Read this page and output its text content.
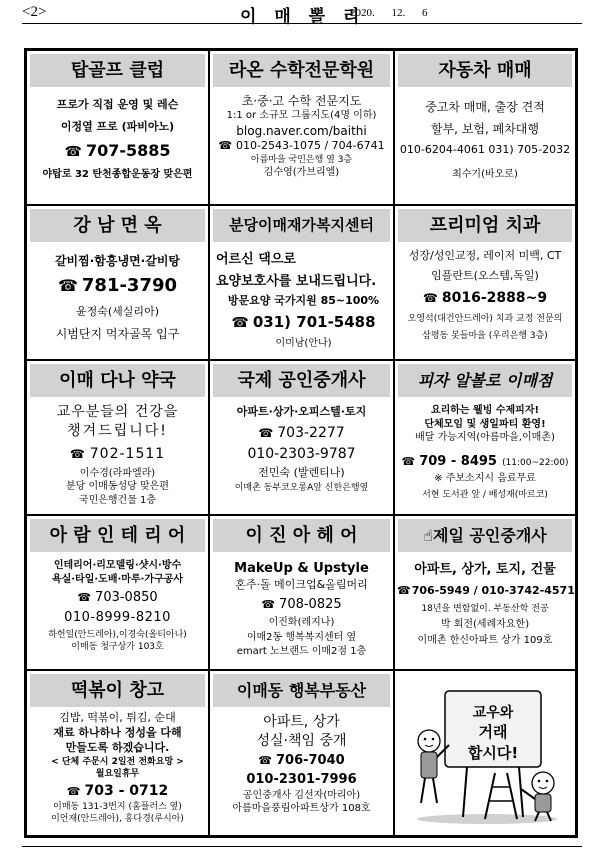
<2>	이 매 뽈 리
2020. 12. 6
탑골프 클럽
프로가 직접 운영 및 레슨
이정열 프로 (파비아노)
☎ 707-5885
야탑로 32 탄천종합운동장 맞은편
라온 수학전문학원
초·중·고 수학 전문지도
1:1 or 소규모 그룹지도(4명 이하)
blog.naver.com/baithi
☎ 010-2543-1075 / 704-6741
아름마을 국민은행 옆 3층
김수영(가브리엘)
자동차 매매
중고차 매매, 출장 견적
할부, 보험, 폐차대행
010-6204-4061 031) 705-2032
최수기(바오로)
강 남 면 옥
갈비찜·함흥냉면·갈비탕
☎ 781-3790
윤정숙(세실리아)
시범단지 먹자골목 입구
분당이매재가복지센터
어르신 댁으로
요양보호사를 보내드립니다.
방문요양 국가지원 85~100%
☎ 031) 701-5488
이미남(안나)
프리미엄 치과
성장/성인교정, 레이저 미백, CT
임플란트(오스템,독일)
☎ 8016-2888~9
오영석(대건안드레아) 치과 교정 전문의
삼평동 봇들마을 (우리은행 3층)
이매 다나 약국
교우분들의 건강을
챙겨드립니다!
☎ 702-1511
이수경(라파엘라)
분당 이매동성당 맞은편
국민은행건물 1층
국제 공인중개사
아파트·상가·오피스텔·토지
☎ 703-2277
010-2303-9787
전민숙 (발렌티나)
이매촌 동부코오롱A앞 신한은행옆
피자 알볼로 이매점
요리하는 웰빙 수제피자!
단체모임 및 생일파티 환영!
배달 가능지역(아름마을,이매촌)
☎ 709 - 8495 (11:00~22:00)
※ 주보소지시 음료무료
서현 도서관 앞 / 배성재(마르코)
아 람 인 테 리 어
인테리어·리모델링·샷시·방수
욕실·타일·도배·마루·가구공사
☎ 703-0850
010-8999-8210
하헌일(안드레아),이경숙(올티아나)
이매동 청구상가 103호
이 진 아 헤 어
MakeUp & Upstyle
혼주·돌 메이크업&올림머리
☎ 708-0825
이진화(레지나)
이매2동 행복복지센터 옆
emart 노브랜드 이매2점 1층
☝제일 공인중개사
아파트, 상가, 토지, 건물
☎706-5949 / 010-3742-4571
18년을 변함없이. 부동산학 전공
박 회전(세례자요한)
이매촌 한신아파트 상가 109호
떡볶이 창고
김밥, 떡볶이, 튀김, 순대
재료 하나하나 정성을 다해
만들도록 하겠습니다.
< 단체 주문시 2일전 전화요망 >
월요일휴무
☎ 703 - 0712
이매동 131-3번지 (홈플러스 옆)
이언재(안드레아), 홍다경(루시아)
이매동 행복부동산
아파트, 상가
성실·책임 중개
☎ 706-7040
010-2301-7996
공인중개사 김선자(마리아)
아름마을풍림아파트상가 108호
교우와
거래
합시다!
